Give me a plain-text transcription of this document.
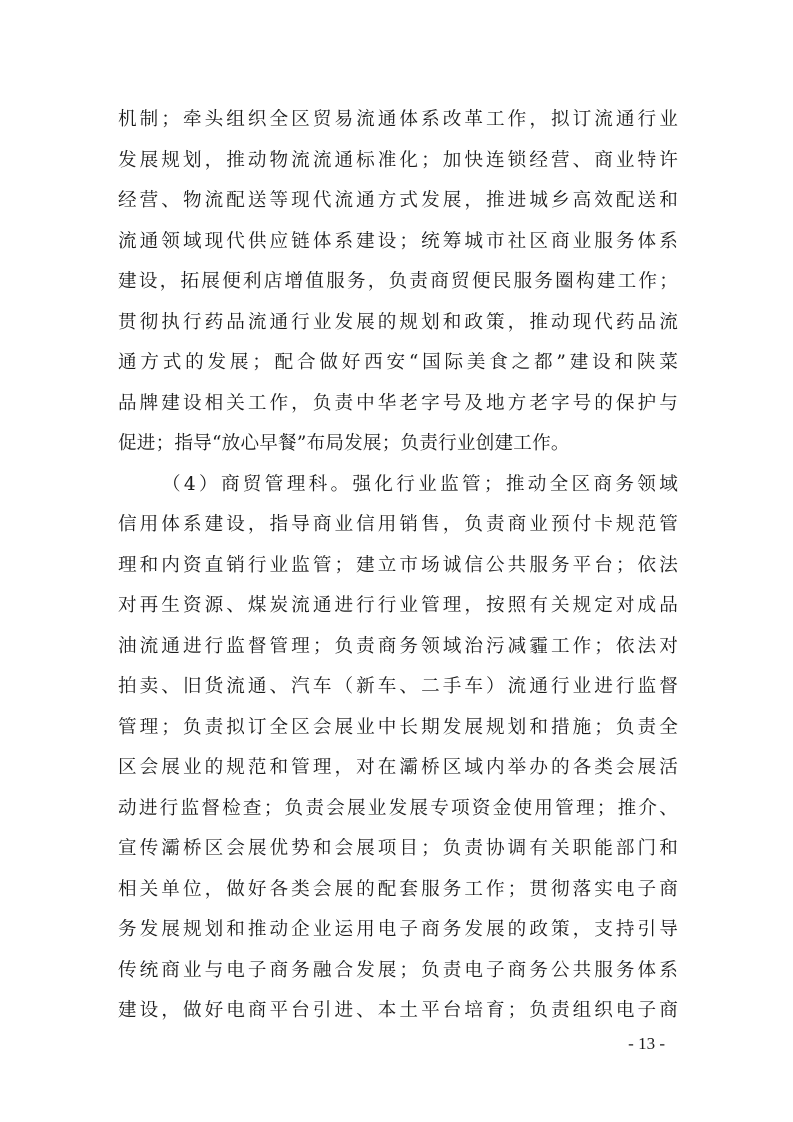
机制；牵头组织全区贸易流通体系改革工作，拟订流通行业
发展规划，推动物流流通标准化；加快连锁经营、商业特许
经营、物流配送等现代流通方式发展，推进城乡高效配送和
流通领域现代供应链体系建设；统筹城市社区商业服务体系
建设，拓展便利店增值服务，负责商贸便民服务圈构建工作；
贯彻执行药品流通行业发展的规划和政策，推动现代药品流
通方式的发展；配合做好西安“国际美食之都”建设和陕菜
品牌建设相关工作，负责中华老字号及地方老字号的保护与
促进；指导“放心早餐”布局发展；负责行业创建工作。
（4）商贸管理科。强化行业监管；推动全区商务领域
信用体系建设，指导商业信用销售，负责商业预付卡规范管
理和内资直销行业监管；建立市场诚信公共服务平台；依法
对再生资源、煤炭流通进行行业管理，按照有关规定对成品
油流通进行监督管理；负责商务领域治污减霾工作；依法对
拍卖、旧货流通、汽车（新车、二手车）流通行业进行监督
管理；负责拟订全区会展业中长期发展规划和措施；负责全
区会展业的规范和管理，对在灞桥区域内举办的各类会展活
动进行监督检查；负责会展业发展专项资金使用管理；推介、
宣传灞桥区会展优势和会展项目；负责协调有关职能部门和
相关单位，做好各类会展的配套服务工作；贯彻落实电子商
务发展规划和推动企业运用电子商务发展的政策，支持引导
传统商业与电子商务融合发展；负责电子商务公共服务体系
建设，做好电商平台引进、本土平台培育；负责组织电子商
- 13 -
